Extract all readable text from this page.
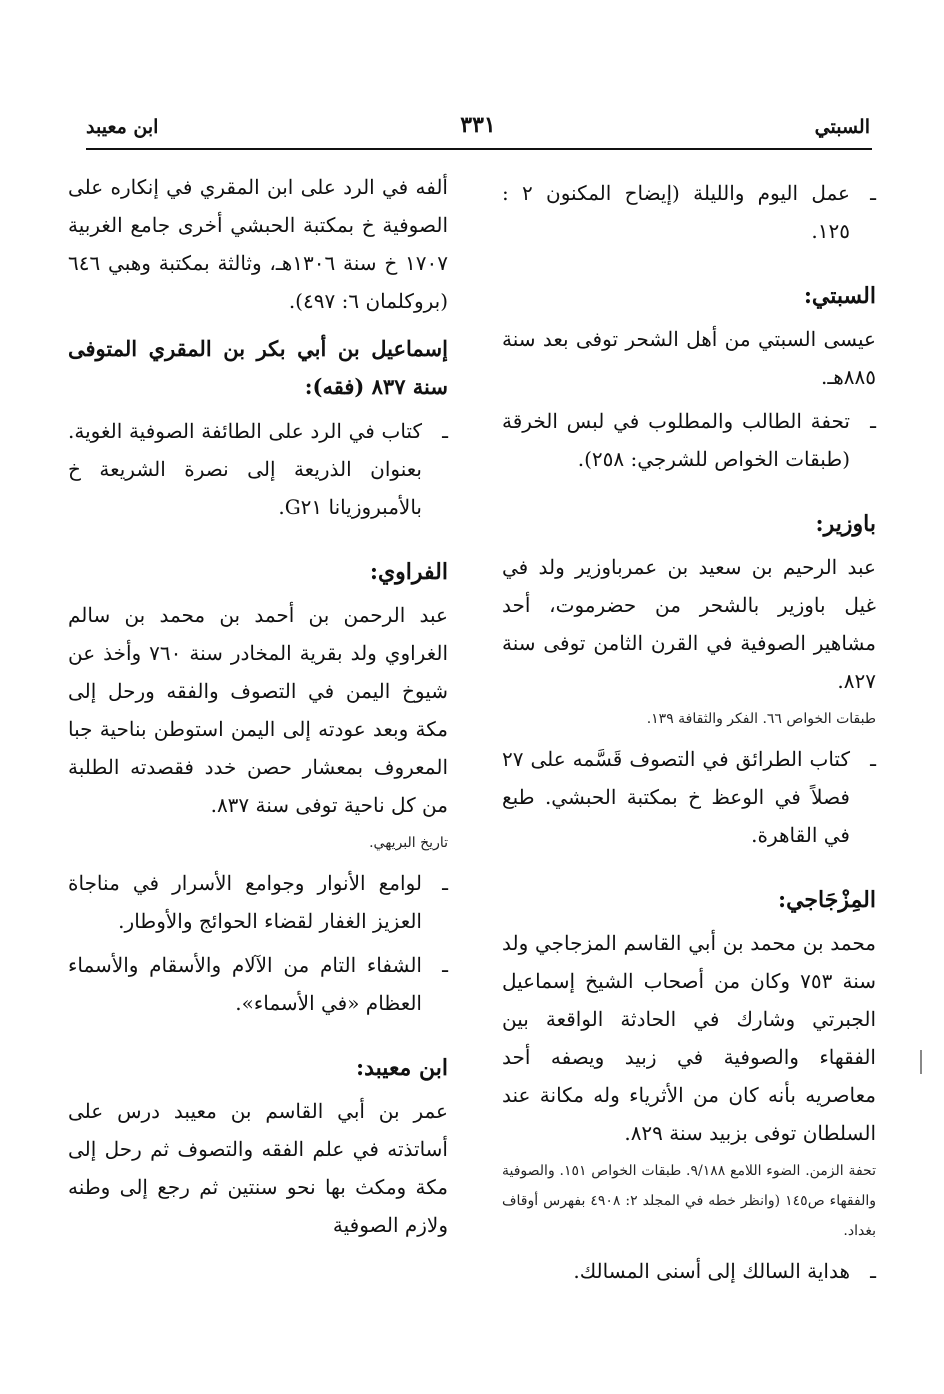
السبتي
٣٣١
ابن معيبد

ـ
عمل اليوم والليلة (إيضاح المكنون ٢ : ١٢٥.

السبتي:

عيسى السبتي من أهل الشحر توفى بعد سنة ٨٨٥هـ.

ـ
تحفة الطالب والمطلوب في لبس الخرقة (طبقات الخواص للشرجي: ٢٥٨).

باوزير:

عبد الرحيم بن سعيد بن عمرباوزير ولد في غيل باوزير بالشحر من حضرموت، أحد مشاهير الصوفية في القرن الثامن توفى سنة ٨٢٧.

طبقات الخواص ٦٦. الفكر والثقافة ١٣٩.

ـ
كتاب الطرائق في التصوف قَسَّمه على ٢٧ فصلاً في الوعظ خ بمكتبة الحبشي. طبع في القاهرة.

المِزْجَاجي:

محمد بن محمد بن أبي القاسم المزجاجي ولد سنة ٧٥٣ وكان من أصحاب الشيخ إسماعيل الجبرتي وشارك في الحادثة الواقعة بين الفقهاء والصوفية في زبيد ويصفه أحد معاصريه بأنه كان من الأثرياء وله مكانة عند السلطان توفى بزبيد سنة ٨٢٩.

تحفة الزمن. الضوء اللامع ٩/١٨٨. طبقات الخواص ١٥١. والصوفية والفقهاء ص١٤٥ (وانظر خطه في المجلد ٢: ٤٩٠٨ بفهرس أوقاف بغداد.

ـ
هداية السالك إلى أسنى المسالك.

ألفه في الرد على ابن المقري في إنكاره على الصوفية خ بمكتبة الحبشي أخرى جامع الغربية ١٧٠٧ خ سنة ١٣٠٦هـ، وثالثة بمكتبة وهبي ٦٤٦ (بروكلمان ٦: ٤٩٧).

إسماعيل بن أبي بكر بن المقري المتوفى سنة ٨٣٧ (فقه):

ـ
كتاب في الرد على الطائفة الصوفية الغوية. بعنوان الذريعة إلى نصرة الشريعة خ بالأمبروزيانا G٢١.

الفراوي:

عبد الرحمن بن أحمد بن محمد بن سالم الغراوي ولد بقرية المخادر سنة ٧٦٠ وأخذ عن شيوخ اليمن في التصوف والفقه ورحل إلى مكة وبعد عودته إلى اليمن استوطن بناحية جبا المعروف بمعشار حصن خدد فقصدته الطلبة من كل ناحية توفى سنة ٨٣٧.

تاريخ البريهي.

ـ
لوامع الأنوار وجوامع الأسرار في مناجاة العزيز الغفار لقضاء الحوائج والأوطار.

ـ
الشفاء التام من الآلام والأسقام والأسماء العظام «في الأسماء».

ابن معيبد:

عمر بن أبي القاسم بن معيبد درس على أساتذته في علم الفقه والتصوف ثم رحل إلى مكة ومكث بها نحو سنتين ثم رجع إلى وطنه ولازم الصوفية
